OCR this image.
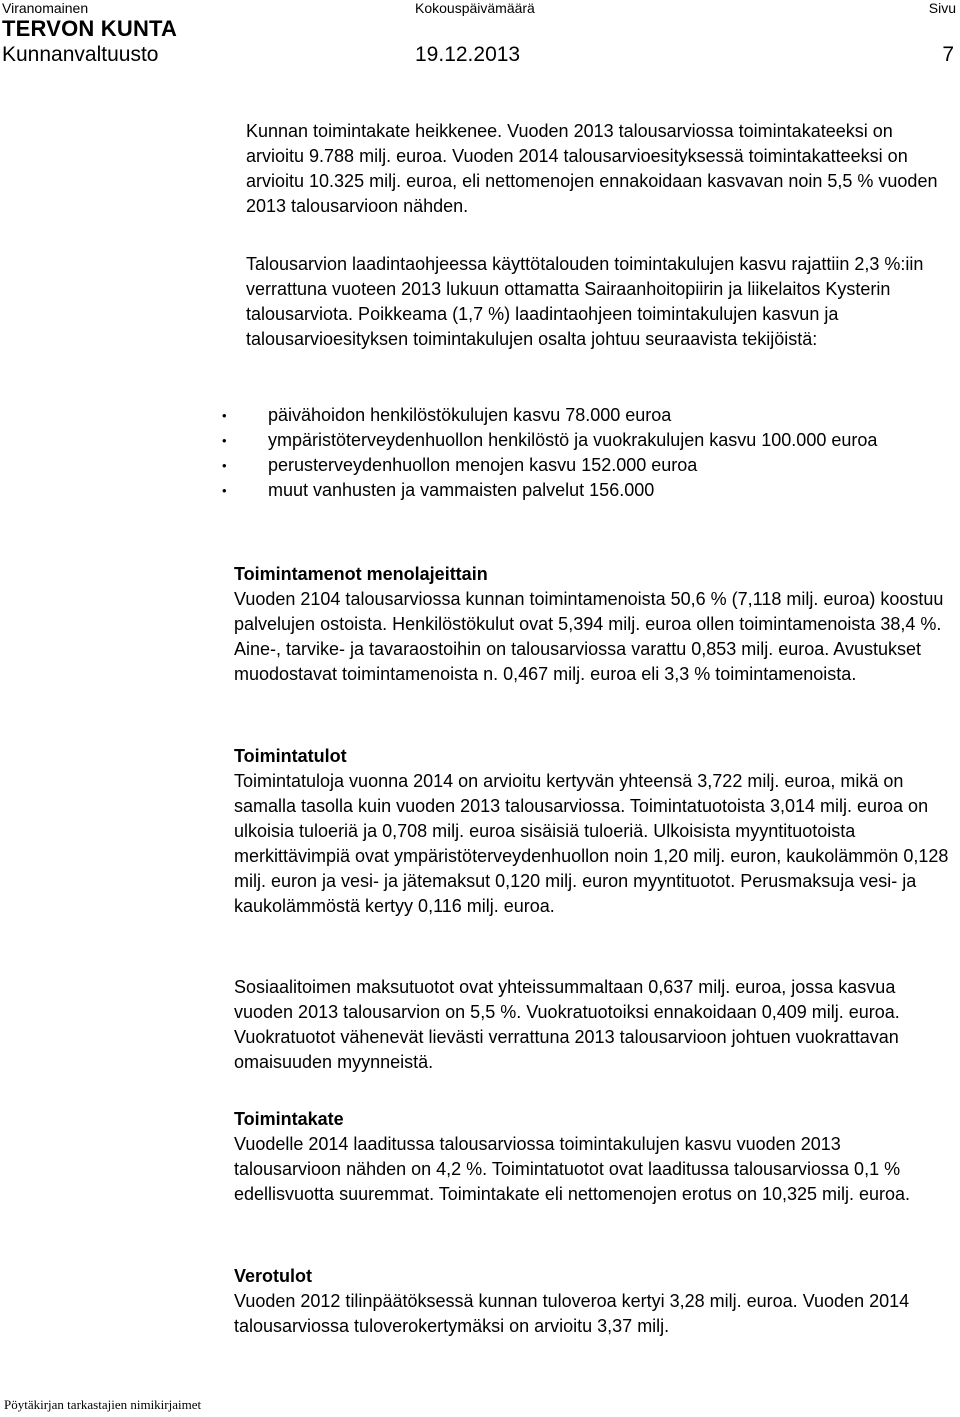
Viranomainen	Kokouspäivämäärä	Sivu
TERVON KUNTA
Kunnanvaltuusto	19.12.2013	7

Kunnan toimintakate heikkenee. Vuoden 2013 talousarviossa toimintakateeksi on arvioitu 9.788 milj. euroa. Vuoden 2014 talousarvioesityksessä toimintakatteeksi on arvioitu 10.325 milj. euroa, eli nettomenojen ennakoidaan kasvavan noin 5,5 % vuoden 2013 talousarvioon nähden.

Talousarvion laadintaohjeessa käyttötalouden toimintakulujen kasvu rajattiin 2,3 %:iin verrattuna vuoteen 2013 lukuun ottamatta Sairaanhoitopiirin ja liikelaitos Kysterin talousarviota. Poikkeama (1,7 %) laadintaohjeen toimintakulujen kasvun ja talousarvioesityksen toimintakulujen osalta johtuu seuraavista tekijöistä:

• päivähoidon henkilöstökulujen kasvu 78.000 euroa
• ympäristöterveydenhuollon henkilöstö ja vuokrakulujen kasvu 100.000 euroa
• perusterveydenhuollon menojen kasvu 152.000 euroa
• muut vanhusten ja vammaisten palvelut 156.000
Toimintamenot menolajeittain

Vuoden 2104 talousarviossa kunnan toimintamenoista 50,6 % (7,118 milj. euroa) koostuu palvelujen ostoista. Henkilöstökulut ovat 5,394 milj. euroa ollen toimintamenoista 38,4 %. Aine-, tarvike- ja tavaraostoihin on talousarviossa varattu 0,853 milj. euroa. Avustukset muodostavat toimintamenoista n. 0,467 milj. euroa eli 3,3 % toimintamenoista.

Toimintatulot

Toimintatuloja vuonna 2014 on arvioitu kertyvän yhteensä 3,722 milj. euroa, mikä on samalla tasolla kuin vuoden 2013 talousarviossa. Toimintatuotoista 3,014 milj. euroa on ulkoisia tuloeriä ja 0,708 milj. euroa sisäisiä tuloeriä. Ulkoisista myyntituotoista merkittävimpiä ovat ympäristöterveydenhuollon noin 1,20 milj. euron, kaukolämmön 0,128 milj. euron ja vesi- ja jätemaksut 0,120 milj. euron myyntituotot. Perusmaksuja vesi- ja kaukolämmöstä kertyy 0,116 milj. euroa.

Sosiaalitoimen maksutuotot ovat yhteissummaltaan 0,637 milj. euroa, jossa kasvua vuoden 2013 talousarvion on 5,5 %. Vuokratuotoiksi ennakoidaan 0,409 milj. euroa. Vuokratuotot vähenevät lievästi verrattuna 2013 talousarvioon johtuen vuokrattavan omaisuuden myynneistä.

Toimintakate

Vuodelle 2014 laaditussa talousarviossa toimintakulujen kasvu vuoden 2013 talousarvioon nähden on 4,2 %. Toimintatuotot ovat laaditussa talousarviossa 0,1 % edellisvuotta suuremmat. Toimintakate eli nettomenojen erotus on 10,325 milj. euroa.

Verotulot

Vuoden 2012 tilinpäätöksessä kunnan tuloveroa kertyi 3,28 milj. euroa. Vuoden 2014 talousarviossa tuloverokertymäksi on arvioitu 3,37 milj.

Pöytäkirjan tarkastajien nimikirjaimet
